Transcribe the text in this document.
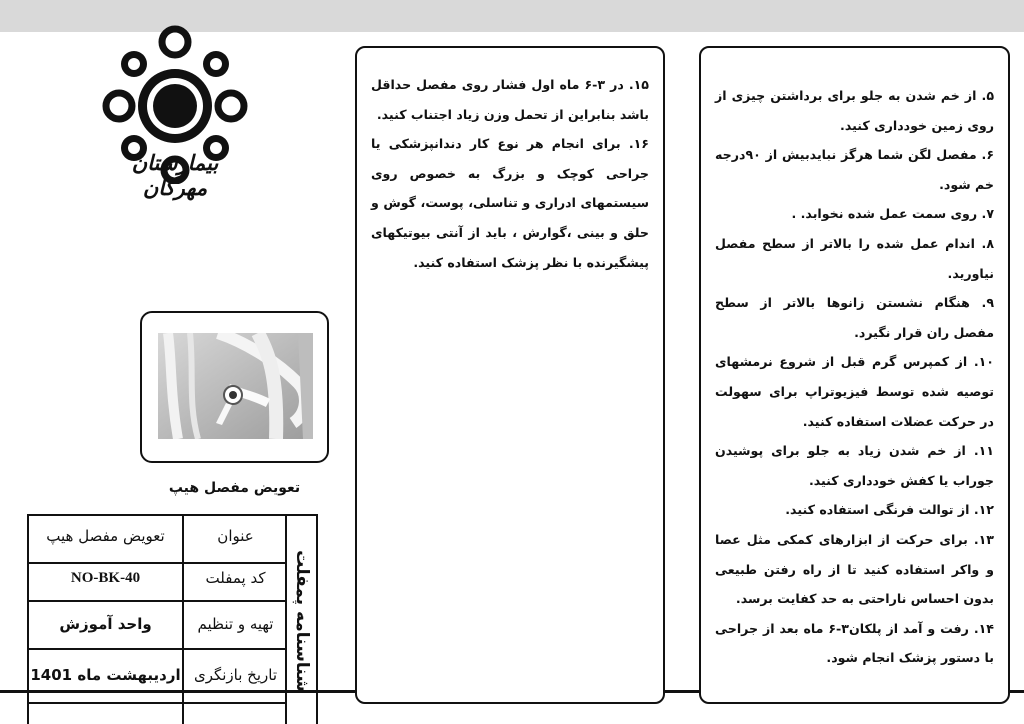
۵. از خم شدن به جلو برای برداشتن چیزی از روی زمین خودداری کنید.

۶. مفصل لگن شما هرگز نبایدبیش از ۹۰درجه خم شود.

۷. روی سمت عمل شده نخوابد. .

۸. اندام عمل شده را بالاتر از سطح مفصل نیاورید.

۹. هنگام نشستن زانوها بالاتر از سطح مفصل ران قرار نگیرد.

۱۰. از کمپرس گرم قبل از شروع نرمشهای توصیه شده توسط فیزیوتراپ برای سهولت در حرکت عضلات استفاده کنید.

۱۱. از خم شدن زیاد به جلو برای پوشیدن جوراب یا کفش خودداری کنید.

۱۲. از توالت فرنگی استفاده کنید.

۱۳. برای حرکت از ابزارهای کمکی مثل عصا و واکر استفاده کنید تا از راه رفتن طبیعی بدون احساس ناراحتی به حد کفایت برسد.

۱۴. رفت و آمد از پلکان۳-۶ ماه بعد از جراحی با دستور پزشک انجام شود.

۱۵. در ۳-۶ ماه اول فشار روی مفصل حداقل باشد بنابراین از تحمل وزن زیاد اجتناب کنید.

۱۶. برای انجام هر نوع کار دندانپزشکی یا جراحی کوچک و بزرگ به خصوص روی سیستمهای ادراری و تناسلی، پوست، گوش و حلق و بینی ،گوارش ، باید از آنتی بیوتیکهای پیشگیرنده با نظر پزشک استفاده کنید.

بیمارستان مهرگان
تعویض مفصل هیپ
شناسنامه پمفلت
تعویض مفصل هیپ	عنوان
NO-BK-40	کد پمفلت
واحد آموزش	تهیه و تنظیم
اردیبهشت ماه 1401 تاریخ بازنگری
